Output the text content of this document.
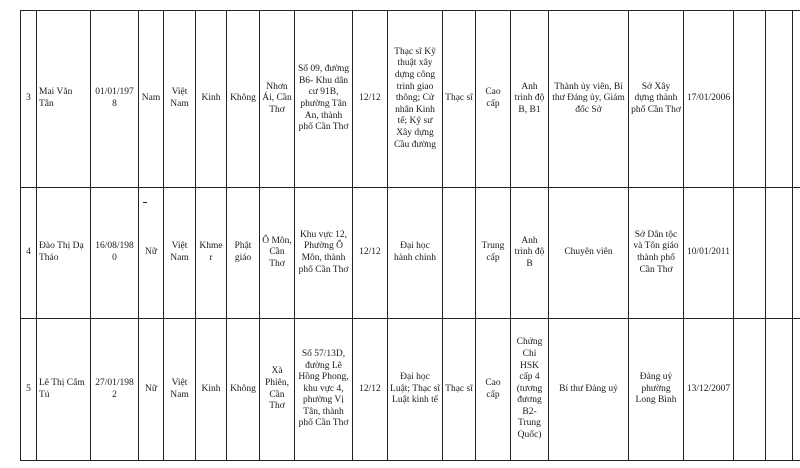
3	Mai Văn Tân	01/01/1978	Nam	Việt Nam	Kinh	Không	Nhơn Ái, Cần Thơ	Số 09, đường B6- Khu dân cư 91B, phường Tân An, thành phố Cần Thơ	12/12	Thạc sĩ Kỹ thuật xây dựng công trình giao thông; Cử nhân Kinh tế; Kỹ sư Xây dựng Cầu đường	Thạc sĩ	Cao cấp	Anh trình độ B, B1	Thành ủy viên, Bí thư Đảng ủy, Giám đốc Sở	Sở Xây dựng thành phố Cần Thơ	17/01/2006					
4	Đào Thị Dạ Thảo	16/08/1980	Nữ	Việt Nam	Khmer	Phật giáo	Ô Môn, Cần Thơ	Khu vực 12, Phường Ô Môn, thành phố Cần Thơ	12/12	Đại học hành chính		Trung cấp	Anh trình độ B	Chuyên viên	Sở Dân tộc và Tôn giáo thành phố Cần Thơ	10/01/2011					
5	Lê Thị Cẩm Tú	27/01/1982	Nữ	Việt Nam	Kinh	Không	Xà Phiên, Cần Thơ	Số 57/13D, đường Lê Hồng Phong, khu vực 4, phường Vị Tân, thành phố Cần Thơ	12/12	Đại học Luật; Thạc sĩ Luật kinh tế	Thạc sĩ	Cao cấp	Chứng Chỉ HSK cấp 4 (tương đương B2- Trung Quốc)	Bí thư Đảng uỷ	Đảng uỷ phường Long Bình	13/12/2007					
